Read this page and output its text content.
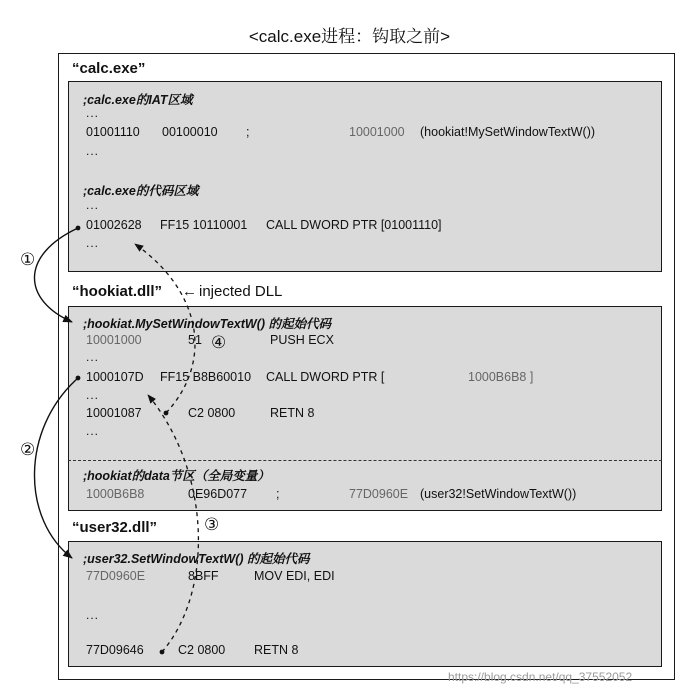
<calc.exe进程：钩取之前>
“calc.exe”
;calc.exe的IAT区域
...
01001110 00100010 ;	10001000 (hookiat!MySetWindowTextW())
...
;calc.exe的代码区域
...
01002628 FF15 10110001 CALL DWORD PTR [01001110]
...
“hookiat.dll” ← injected DLL
;hookiat.MySetWindowTextW() 的起始代码
10001000	51	PUSH ECX
...
1000107D FF15 B8B60010 CALL DWORD PTR [	1000B6B8 ]
...
10001087	C2 0800	RETN 8
...
;hookiat的data节区（全局变量）
1000B6B8	0E96D077 ;	77D0960E (user32!SetWindowTextW())
“user32.dll”
;user32.SetWindowTextW() 的起始代码
77D0960E	8BFF	MOV EDI, EDI
...
77D09646	C2 0800 RETN 8
①
②
③
④
https://blog.csdn.net/qq_37552052
